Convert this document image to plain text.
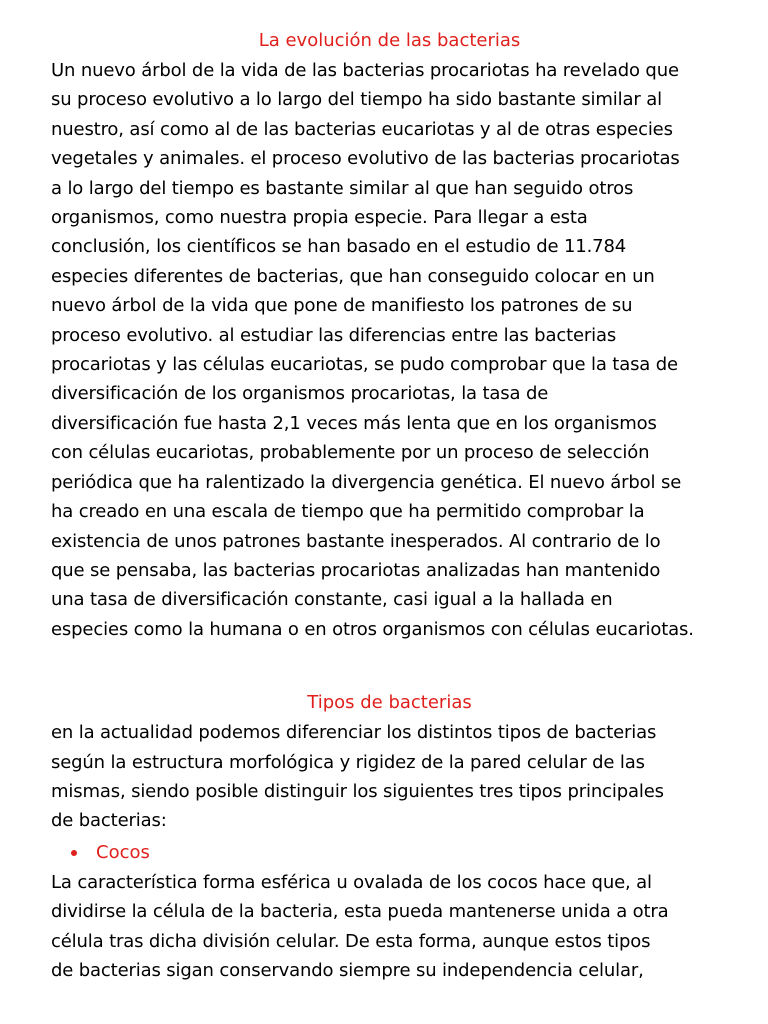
La evolución de las bacterias

Un nuevo árbol de la vida de las bacterias procariotas ha revelado que
su proceso evolutivo a lo largo del tiempo ha sido bastante similar al
nuestro, así como al de las bacterias eucariotas y al de otras especies
vegetales y animales. el proceso evolutivo de las bacterias procariotas
a lo largo del tiempo es bastante similar al que han seguido otros
organismos, como nuestra propia especie. Para llegar a esta
conclusión, los científicos se han basado en el estudio de 11.784
especies diferentes de bacterias, que han conseguido colocar en un
nuevo árbol de la vida que pone de manifiesto los patrones de su
proceso evolutivo. al estudiar las diferencias entre las bacterias
procariotas y las células eucariotas, se pudo comprobar que la tasa de
diversificación de los organismos procariotas, la tasa de
diversificación fue hasta 2,1 veces más lenta que en los organismos
con células eucariotas, probablemente por un proceso de selección
periódica que ha ralentizado la divergencia genética. El nuevo árbol se
ha creado en una escala de tiempo que ha permitido comprobar la
existencia de unos patrones bastante inesperados. Al contrario de lo
que se pensaba, las bacterias procariotas analizadas han mantenido
una tasa de diversificación constante, casi igual a la hallada en
especies como la humana o en otros organismos con células eucariotas.

Tipos de bacterias

en la actualidad podemos diferenciar los distintos tipos de bacterias
según la estructura morfológica y rigidez de la pared celular de las
mismas, siendo posible distinguir los siguientes tres tipos principales
de bacterias:

Cocos

La característica forma esférica u ovalada de los cocos hace que, al
dividirse la célula de la bacteria, esta pueda mantenerse unida a otra
célula tras dicha división celular. De esta forma, aunque estos tipos
de bacterias sigan conservando siempre su independencia celular,
